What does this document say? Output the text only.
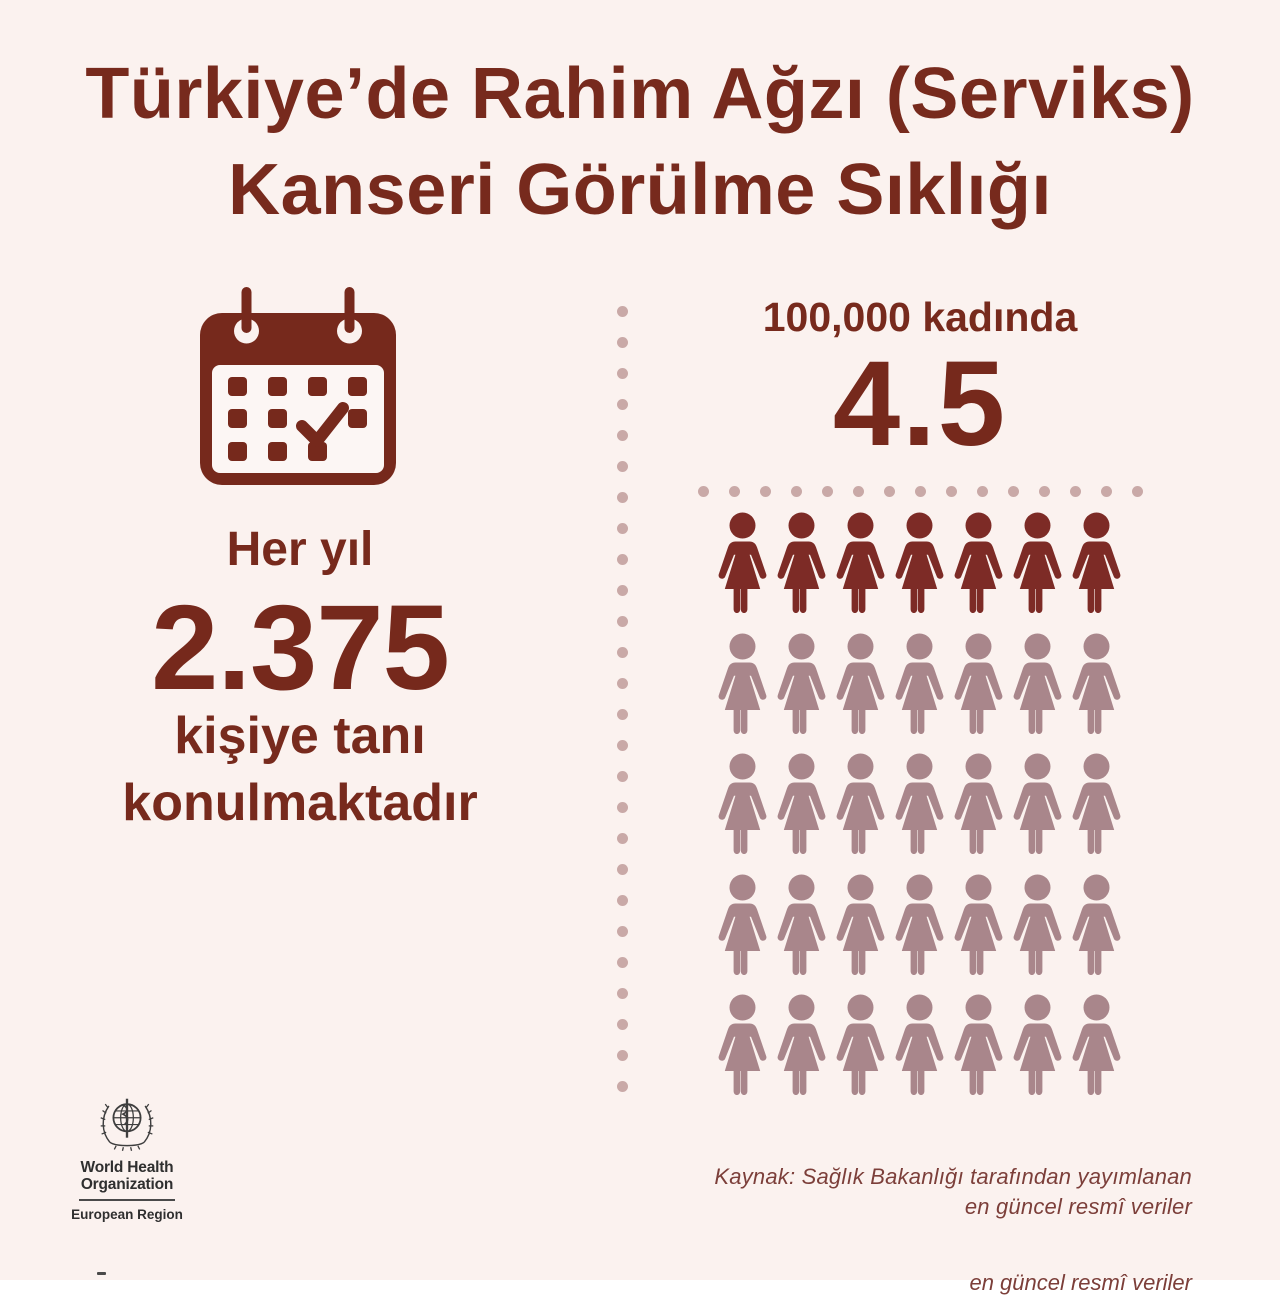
Türkiye’de Rahim Ağzı (Serviks)
Kanseri Görülme Sıklığı
Her yıl
2.375
kişiye tanı
konulmaktadır
100,000 kadında
4.5
World Health
Organization
European Region
Kaynak: Sağlık Bakanlığı tarafından yayımlanan
en güncel resmî veriler
en güncel resmî veriler
